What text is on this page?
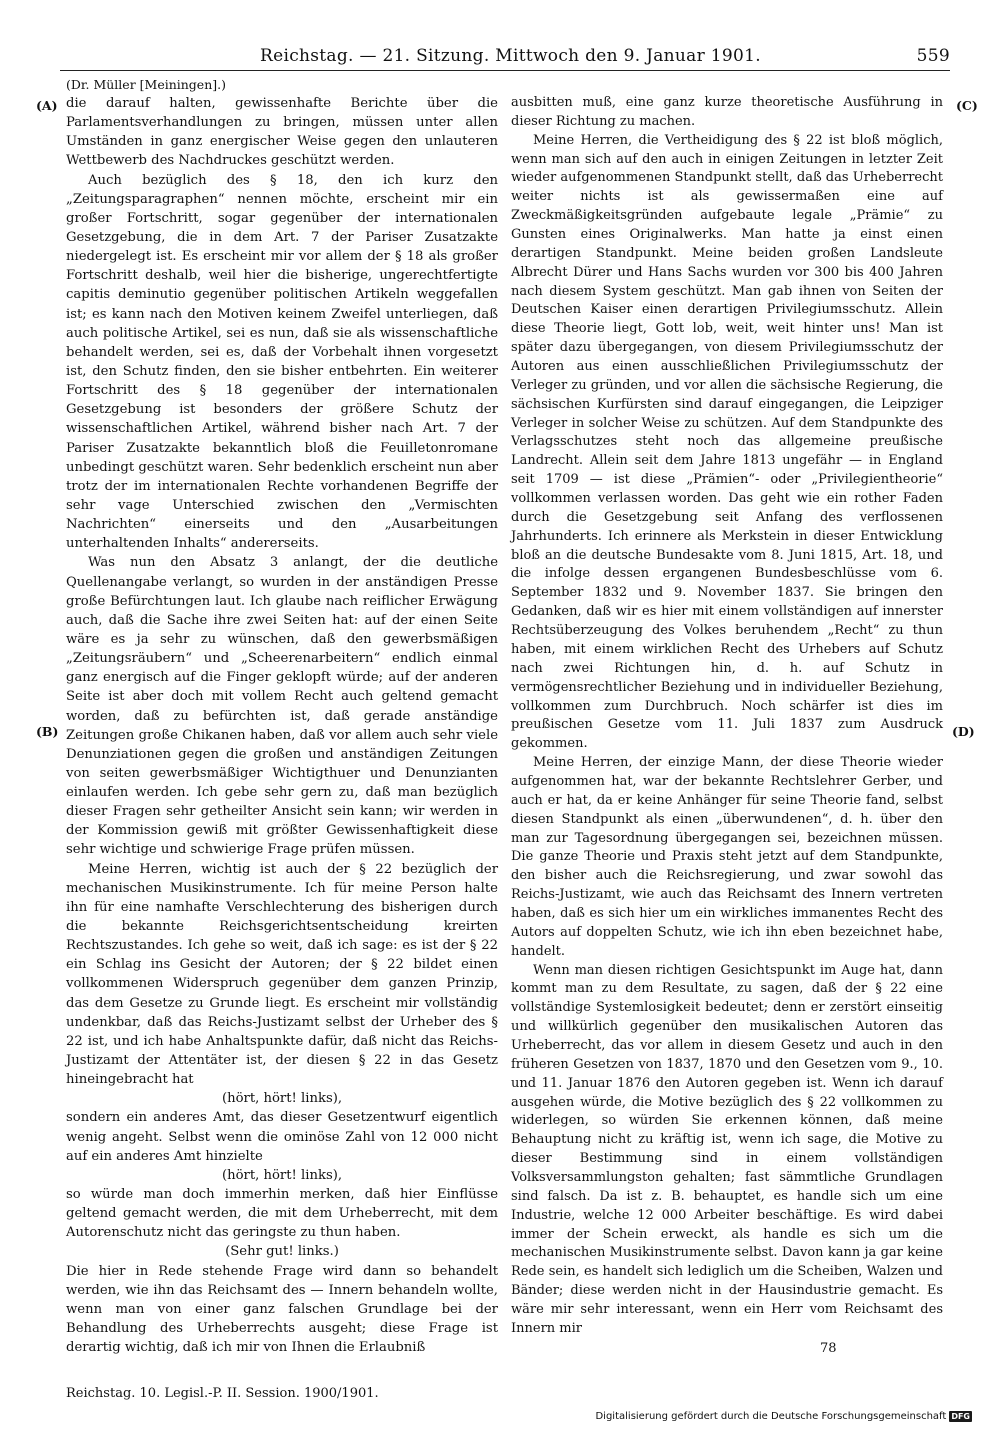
Reichstag. — 21. Sitzung. Mittwoch den 9. Januar 1901.	559
(Dr. Müller [Meiningen].)
(A)
(B)
(C)
(D)

die darauf halten, gewissenhafte Berichte über die Parlamentsverhandlungen zu bringen, müssen unter allen Umständen in ganz energischer Weise gegen den unlauteren Wettbewerb des Nachdruckes geschützt werden.

Auch bezüglich des § 18, den ich kurz den „Zeitungsparagraphen“ nennen möchte, erscheint mir ein großer Fortschritt, sogar gegenüber der internationalen Gesetzgebung, die in dem Art. 7 der Pariser Zusatzakte niedergelegt ist. Es erscheint mir vor allem der § 18 als großer Fortschritt deshalb, weil hier die bisherige, ungerechtfertigte capitis deminutio gegenüber politischen Artikeln weggefallen ist; es kann nach den Motiven keinem Zweifel unterliegen, daß auch politische Artikel, sei es nun, daß sie als wissenschaftliche behandelt werden, sei es, daß der Vorbehalt ihnen vorgesetzt ist, den Schutz finden, den sie bisher entbehrten. Ein weiterer Fortschritt des § 18 gegenüber der internationalen Gesetzgebung ist besonders der größere Schutz der wissenschaftlichen Artikel, während bisher nach Art. 7 der Pariser Zusatzakte bekanntlich bloß die Feuilletonromane unbedingt geschützt waren. Sehr bedenklich erscheint nun aber trotz der im internationalen Rechte vorhandenen Begriffe der sehr vage Unterschied zwischen den „Vermischten Nachrichten“ einerseits und den „Ausarbeitungen unterhaltenden Inhalts“ andererseits.

Was nun den Absatz 3 anlangt, der die deutliche Quellenangabe verlangt, so wurden in der anständigen Presse große Befürchtungen laut. Ich glaube nach reiflicher Erwägung auch, daß die Sache ihre zwei Seiten hat: auf der einen Seite wäre es ja sehr zu wünschen, daß den gewerbsmäßigen „Zeitungsräubern“ und „Scheerenarbeitern“ endlich einmal ganz energisch auf die Finger geklopft würde; auf der anderen Seite ist aber doch mit vollem Recht auch geltend gemacht worden, daß zu befürchten ist, daß gerade anständige Zeitungen große Chikanen haben, daß vor allem auch sehr viele Denunziationen gegen die großen und anständigen Zeitungen von seiten gewerbsmäßiger Wichtigthuer und Denunzianten einlaufen werden. Ich gebe sehr gern zu, daß man bezüglich dieser Fragen sehr getheilter Ansicht sein kann; wir werden in der Kommission gewiß mit größter Gewissenhaftigkeit diese sehr wichtige und schwierige Frage prüfen müssen.

Meine Herren, wichtig ist auch der § 22 bezüglich der mechanischen Musikinstrumente. Ich für meine Person halte ihn für eine namhafte Verschlechterung des bisherigen durch die bekannte Reichsgerichtsentscheidung kreirten Rechtszustandes. Ich gehe so weit, daß ich sage: es ist der § 22 ein Schlag ins Gesicht der Autoren; der § 22 bildet einen vollkommenen Widerspruch gegenüber dem ganzen Prinzip, das dem Gesetze zu Grunde liegt. Es erscheint mir vollständig undenkbar, daß das Reichs-Justizamt selbst der Urheber des § 22 ist, und ich habe Anhaltspunkte dafür, daß nicht das Reichs-Justizamt der Attentäter ist, der diesen § 22 in das Gesetz hineingebracht hat

(hört, hört! links),

sondern ein anderes Amt, das dieser Gesetzentwurf eigentlich wenig angeht. Selbst wenn die ominöse Zahl von 12 000 nicht auf ein anderes Amt hinzielte

(hört, hört! links),

so würde man doch immerhin merken, daß hier Einflüsse geltend gemacht werden, die mit dem Urheberrecht, mit dem Autorenschutz nicht das geringste zu thun haben.

(Sehr gut! links.)

Die hier in Rede stehende Frage wird dann so behandelt werden, wie ihn das Reichsamt des — Innern behandeln wollte, wenn man von einer ganz falschen Grundlage bei der Behandlung des Urheberrechts ausgeht; diese Frage ist derartig wichtig, daß ich mir von Ihnen die Erlaubniß

ausbitten muß, eine ganz kurze theoretische Ausführung in dieser Richtung zu machen.

Meine Herren, die Vertheidigung des § 22 ist bloß möglich, wenn man sich auf den auch in einigen Zeitungen in letzter Zeit wieder aufgenommenen Standpunkt stellt, daß das Urheberrecht weiter nichts ist als gewissermaßen eine auf Zweckmäßigkeitsgründen aufgebaute legale „Prämie“ zu Gunsten eines Originalwerks. Man hatte ja einst einen derartigen Standpunkt. Meine beiden großen Landsleute Albrecht Dürer und Hans Sachs wurden vor 300 bis 400 Jahren nach diesem System geschützt. Man gab ihnen von Seiten der Deutschen Kaiser einen derartigen Privilegiumsschutz. Allein diese Theorie liegt, Gott lob, weit, weit hinter uns! Man ist später dazu übergegangen, von diesem Privilegiumsschutz der Autoren aus einen ausschließlichen Privilegiumsschutz der Verleger zu gründen, und vor allen die sächsische Regierung, die sächsischen Kurfürsten sind darauf eingegangen, die Leipziger Verleger in solcher Weise zu schützen. Auf dem Standpunkte des Verlagsschutzes steht noch das allgemeine preußische Landrecht. Allein seit dem Jahre 1813 ungefähr — in England seit 1709 — ist diese „Prämien“- oder „Privilegientheorie“ vollkommen verlassen worden. Das geht wie ein rother Faden durch die Gesetzgebung seit Anfang des verflossenen Jahrhunderts. Ich erinnere als Merkstein in dieser Entwicklung bloß an die deutsche Bundesakte vom 8. Juni 1815, Art. 18, und die infolge dessen ergangenen Bundesbeschlüsse vom 6. September 1832 und 9. November 1837. Sie bringen den Gedanken, daß wir es hier mit einem vollständigen auf innerster Rechtsüberzeugung des Volkes beruhendem „Recht“ zu thun haben, mit einem wirklichen Recht des Urhebers auf Schutz nach zwei Richtungen hin, d. h. auf Schutz in vermögensrechtlicher Beziehung und in individueller Beziehung, vollkommen zum Durchbruch. Noch schärfer ist dies im preußischen Gesetze vom 11. Juli 1837 zum Ausdruck gekommen.

Meine Herren, der einzige Mann, der diese Theorie wieder aufgenommen hat, war der bekannte Rechtslehrer Gerber, und auch er hat, da er keine Anhänger für seine Theorie fand, selbst diesen Standpunkt als einen „überwundenen“, d. h. über den man zur Tagesordnung übergegangen sei, bezeichnen müssen. Die ganze Theorie und Praxis steht jetzt auf dem Standpunkte, den bisher auch die Reichsregierung, und zwar sowohl das Reichs-Justizamt, wie auch das Reichsamt des Innern vertreten haben, daß es sich hier um ein wirkliches immanentes Recht des Autors auf doppelten Schutz, wie ich ihn eben bezeichnet habe, handelt.

Wenn man diesen richtigen Gesichtspunkt im Auge hat, dann kommt man zu dem Resultate, zu sagen, daß der § 22 eine vollständige Systemlosigkeit bedeutet; denn er zerstört einseitig und willkürlich gegenüber den musikalischen Autoren das Urheberrecht, das vor allem in diesem Gesetz und auch in den früheren Gesetzen von 1837, 1870 und den Gesetzen vom 9., 10. und 11. Januar 1876 den Autoren gegeben ist. Wenn ich darauf ausgehen würde, die Motive bezüglich des § 22 vollkommen zu widerlegen, so würden Sie erkennen können, daß meine Behauptung nicht zu kräftig ist, wenn ich sage, die Motive zu dieser Bestimmung sind in einem vollständigen Volksversammlungston gehalten; fast sämmtliche Grundlagen sind falsch. Da ist z. B. behauptet, es handle sich um eine Industrie, welche 12 000 Arbeiter beschäftige. Es wird dabei immer der Schein erweckt, als handle es sich um die mechanischen Musikinstrumente selbst. Davon kann ja gar keine Rede sein, es handelt sich lediglich um die Scheiben, Walzen und Bänder; diese werden nicht in der Hausindustrie gemacht. Es wäre mir sehr interessant, wenn ein Herr vom Reichsamt des Innern mir

Reichstag. 10. Legisl.-P. II. Session. 1900/1901.
78
Digitalisierung gefördert durch die Deutsche Forschungsgemeinschaft DFG
